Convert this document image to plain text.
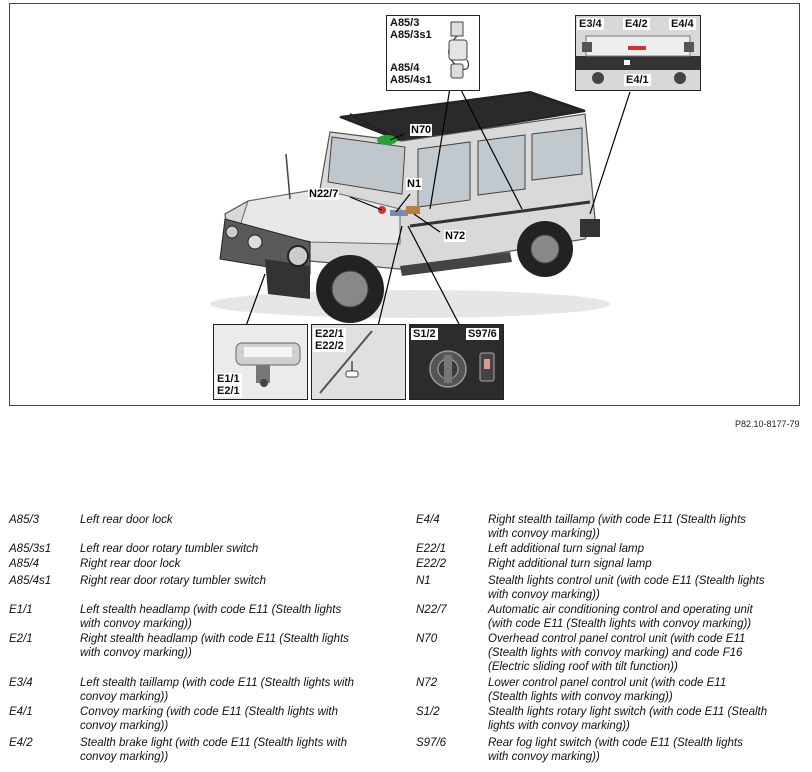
N70
N1
N22/7
N72
A85/3
A85/3s1
A85/4
A85/4s1
E3/4 E4/2 E4/4
E4/1
E1/1
E2/1
E22/1
E22/2
S1/2	S97/6
P82.10-8177-79
A85/3	Left rear door lock
A85/3s1	Left rear door rotary tumbler switch
A85/4	Right rear door lock
A85/4s1	Right rear door rotary tumbler switch
E1/1	Left stealth headlamp (with code E11 (Stealth lights
with convoy marking))
E2/1	Right stealth headlamp (with code E11 (Stealth lights
with convoy marking))
E3/4	Left stealth taillamp (with code E11 (Stealth lights with
convoy marking))
E4/1	Convoy marking (with code E11 (Stealth lights with
convoy marking))
E4/2	Stealth brake light (with code E11 (Stealth lights with
convoy marking))
E4/4	Right stealth taillamp (with code E11 (Stealth lights
with convoy marking))
E22/1	Left additional turn signal lamp
E22/2	Right additional turn signal lamp
N1	Stealth lights control unit (with code E11 (Stealth lights
with convoy marking))
N22/7	Automatic air conditioning control and operating unit
(with code E11 (Stealth lights with convoy marking))
N70	Overhead control panel control unit (with code E11
(Stealth lights with convoy marking) and code F16
(Electric sliding roof with tilt function))
N72	Lower control panel control unit (with code E11
(Stealth lights with convoy marking))
S1/2	Stealth lights rotary light switch (with code E11 (Stealth
lights with convoy marking))
S97/6	Rear fog light switch (with code E11 (Stealth lights
with convoy marking))
